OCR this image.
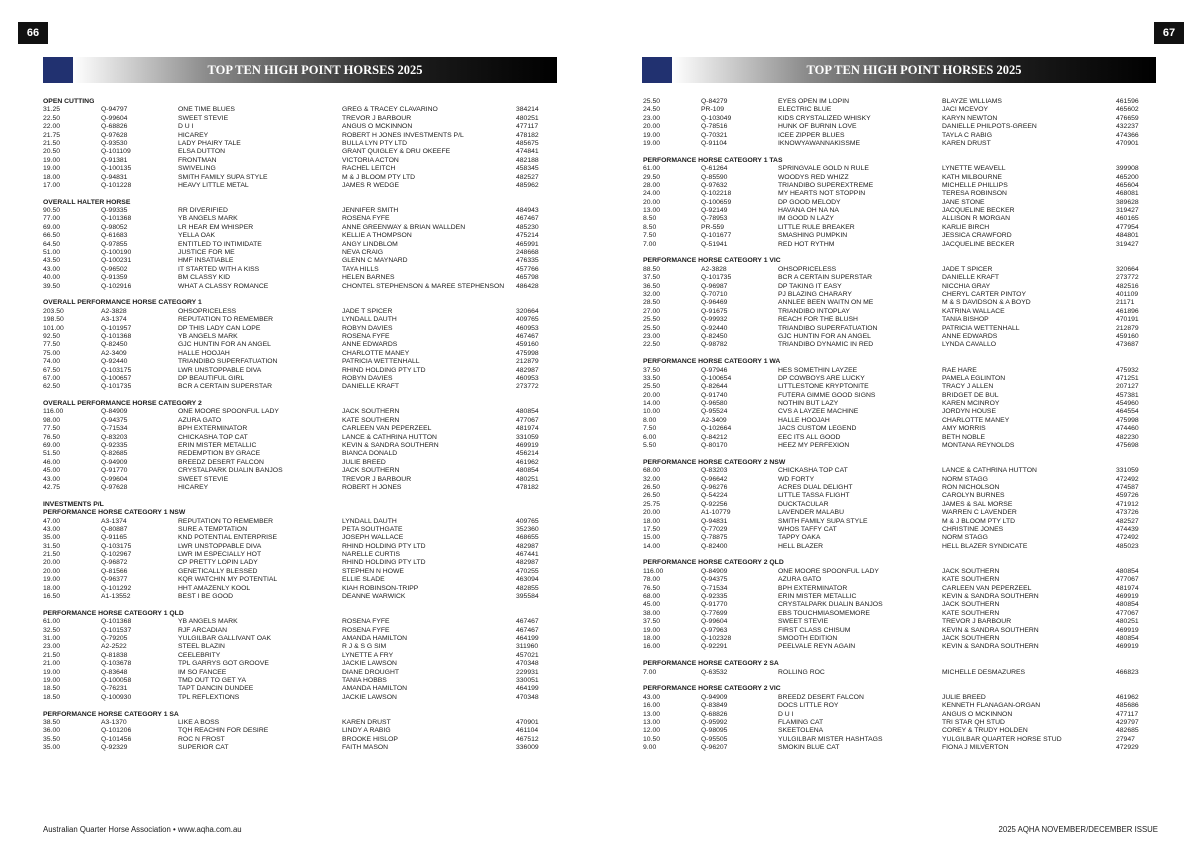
66	67
TOP TEN HIGH POINT HORSES 2025	TOP TEN HIGH POINT HORSES 2025
OPEN CUTTING
31.25	Q-94797	ONE TIME BLUES	GREG & TRACEY CLAVARINO	384214
22.50	Q-99604	SWEET STEVIE	TREVOR J BARBOUR	480251
22.00	Q-68826	D U I	ANGUS O MCKINNON	477117
21.75	Q-97628	HICAREY	ROBERT H JONES INVESTMENTS P/L	478182
21.50	Q-93530	LADY PHAIRY TALE	BULLA LYN PTY LTD	485675
20.50	Q-101109	ELSA DUTTON	GRANT QUIGLEY & DRU OKEEFE	474841
19.00	Q-91381	FRONTMAN	VICTORIA ACTON	482188
19.00	Q-100135	SWIVELING	RACHEL LEITCH	458345
18.00	Q-94831	SMITH FAMILY SUPA STYLE	M & J BLOOM PTY LTD	482527
17.00	Q-101228	HEAVY LITTLE METAL	JAMES R WEDGE	485962
OVERALL HALTER HORSE
90.50	Q-99335	RR DIVERIFIED	JENNIFER SMITH	484943
77.00	Q-101368	YB ANGELS MARK	ROSENA FYFE	467467
69.00	Q-98052	LR HEAR EM WHISPER	ANNE GREENWAY & BRIAN WALLDEN	485230
66.50	Q-61683	YELLA OAK	KELLIE A THOMPSON	475214
64.50	Q-97855	ENTITLED TO INTIMIDATE	ANGY LINDBLOM	465991
51.00	Q-100190	JUSTICE FOR ME	NEVA CRAIG	248668
43.50	Q-100231	HMF INSATIABLE	GLENN C MAYNARD	476335
43.00	Q-96502	IT STARTED WITH A KISS	TAYA HILLS	457766
40.00	Q-91359	BM CLASSY KID	HELEN BARNES	465798
39.50	Q-102916	WHAT A CLASSY ROMANCE	CHONTEL STEPHENSON & MAREE STEPHENSON	486428
OVERALL PERFORMANCE HORSE CATEGORY 1
203.50	A2-3828	OHSOPRICELESS	JADE T SPICER	320664
198.50	A3-1374	REPUTATION TO REMEMBER	LYNDALL DAUTH	409765
101.00	Q-101957	DP THIS LADY CAN LOPE	ROBYN DAVIES	460953
92.50	Q-101368	YB ANGELS MARK	ROSENA FYFE	467467
77.50	Q-82450	GJC HUNTIN FOR AN ANGEL	ANNE EDWARDS	459160
75.00	A2-3409	HALLE HOOJAH	CHARLOTTE MANEY	475998
74.00	Q-92440	TRIANDIBO SUPERFATUATION	PATRICIA WETTENHALL	212879
67.50	Q-103175	LWR UNSTOPPABLE DIVA	RHIND HOLDING PTY LTD	482987
67.00	Q-100657	DP BEAUTIFUL GIRL	ROBYN DAVIES	460953
62.50	Q-101735	BCR A CERTAIN SUPERSTAR	DANIELLE KRAFT	273772
OVERALL PERFORMANCE HORSE CATEGORY 2
116.00	Q-84909	ONE MOORE SPOONFUL LADY	JACK SOUTHERN	480854
98.00	Q-94375	AZURA GATO	KATE SOUTHERN	477067
77.50	Q-71534	BPH EXTERMINATOR	CARLEEN VAN PEPERZEEL	481974
76.50	Q-83203	CHICKASHA TOP CAT	LANCE & CATHRINA HUTTON	331059
69.00	Q-92335	ERIN MISTER METALLIC	KEVIN & SANDRA SOUTHERN	469919
51.50	Q-82685	REDEMPTION BY GRACE	BIANCA DONALD	456214
46.00	Q-94909	BREEDZ DESERT FALCON	JULIE BREED	461962
45.00	Q-91770	CRYSTALPARK DUALIN BANJOS	JACK SOUTHERN	480854
43.00	Q-99604	SWEET STEVIE	TREVOR J BARBOUR	480251
42.75	Q-97628	HICAREY	ROBERT H JONES	478182
INVESTMENTS P/L
PERFORMANCE HORSE CATEGORY 1 NSW
47.00	A3-1374	REPUTATION TO REMEMBER	LYNDALL DAUTH	409765
43.00	Q-80887	SURE A TEMPTATION	PETA SOUTHGATE	352360
35.00	Q-91165	KND POTENTIAL ENTERPRISE	JOSEPH WALLACE	468655
31.50	Q-103175	LWR UNSTOPPABLE DIVA	RHIND HOLDING PTY LTD	482987
21.50	Q-102967	LWR IM ESPECIALLY HOT	NARELLE CURTIS	467441
20.00	Q-96872	CP PRETTY LOPIN LADY	RHIND HOLDING PTY LTD	482987
20.00	Q-81566	GENETICALLY BLESSED	STEPHEN N HOWE	470255
19.00	Q-96377	KQR WATCHIN MY POTENTIAL	ELLIE SLADE	463094
18.00	Q-101292	HHT AMAZENLY KOOL	KIAH ROBINSON-TRIPP	482855
16.50	A1-13552	BEST I BE GOOD	DEANNE WARWICK	395584
PERFORMANCE HORSE CATEGORY 1 QLD
61.00	Q-101368	YB ANGELS MARK	ROSENA FYFE	467467
32.50	Q-101537	RJF ARCADIAN	ROSENA FYFE	467467
31.00	Q-79205	YULGILBAR GALLIVANT OAK	AMANDA HAMILTON	464199
23.00	A2-2522	STEEL BLAZIN	R J & S G SIM	311960
21.50	Q-81838	CEELEBRITY	LYNETTE A FRY	457021
21.00	Q-103678	TPL GARRYS GOT GROOVE	JACKIE LAWSON	470348
19.00	Q-83648	IM SO FANCEE	DIANE DROUGHT	229931
19.00	Q-100058	TMD OUT TO GET YA	TANIA HOBBS	330051
18.50	Q-76231	TAPT DANCIN DUNDEE	AMANDA HAMILTON	464199
18.50	Q-100930	TPL REFLEXTIONS	JACKIE LAWSON	470348
PERFORMANCE HORSE CATEGORY 1 SA
38.50	A3-1370	LIKE A BOSS	KAREN DRUST	470901
36.00	Q-101206	TQH REACHIN FOR DESIRE	LINDY A RABIG	461104
35.50	Q-101456	ROC N FROST	BROOKE HISLOP	467512
35.00	Q-92329	SUPERIOR CAT	FAITH MASON	336009
25.50	Q-84279	EYES OPEN IM LOPIN	BLAYZE WILLIAMS	461596
24.50	PR-109	ELECTRIC BLUE	JACI MCEVOY	465602
23.00	Q-103049	KIDS CRYSTALIZED WHISKY	KARYN NEWTON	476659
20.00	Q-78516	HUNK OF BURNIN LOVE	DANIELLE PHILPOTS-GREEN	432237
19.00	Q-70321	ICEE ZIPPER BLUES	TAYLA C RABIG	474366
19.00	Q-91104	IKNOWYAWANNAKISSME	KAREN DRUST	470901
PERFORMANCE HORSE CATEGORY 1 TAS
61.00	Q-61264	SPRINGVALE GOLD N RULE	LYNETTE WEAVELL	399908
29.50	Q-85590	WOODYS RED WHIZZ	KATH MILBOURNE	465200
28.00	Q-97632	TRIANDIBO SUPEREXTREME	MICHELLE PHILLIPS	465604
24.00	Q-102218	MY HEARTS NOT STOPPIN	TERESA ROBINSON	468081
20.00	Q-100659	DP GOOD MELODY	JANE STONE	389628
13.00	Q-92149	HAVANA OH NA NA	JACQUELINE BECKER	319427
8.50	Q-78953	IM GOOD N LAZY	ALLISON R MORGAN	460165
8.50	PR-559	LITTLE RULE BREAKER	KARLIE BIRCH	477954
7.50	Q-101677	SMASHING PUMPKIN	JESSICA CRAWFORD	484801
7.00	Q-51941	RED HOT RYTHM	JACQUELINE BECKER	319427
PERFORMANCE HORSE CATEGORY 1 VIC
88.50	A2-3828	OHSOPRICELESS	JADE T SPICER	320664
37.50	Q-101735	BCR A CERTAIN SUPERSTAR	DANIELLE KRAFT	273772
36.50	Q-96987	DP TAKING IT EASY	NICCHIA GRAY	482516
32.00	Q-70710	PJ BLAZING CHARARY	CHERYL CARTER PINTOY	401109
28.50	Q-96469	ANNLEE BEEN WAITN ON ME	M & S DAVIDSON & A BOYD	21171
27.00	Q-91675	TRIANDIBO INTOPLAY	KATRINA WALLACE	461896
25.50	Q-99932	REACH FOR THE BLUSH	TANIA BISHOP	470191
25.50	Q-92440	TRIANDIBO SUPERFATUATION	PATRICIA WETTENHALL	212879
23.00	Q-82450	GJC HUNTIN FOR AN ANGEL	ANNE EDWARDS	459160
22.50	Q-98782	TRIANDIBO DYNAMIC IN RED	LYNDA CAVALLO	473687
PERFORMANCE HORSE CATEGORY 1 WA
37.50	Q-97946	HES SOMETHIN LAYZEE	RAE HARE	475932
33.50	Q-100654	DP COWBOYS ARE LUCKY	PAMELA EGLINTON	471251
25.50	Q-82644	LITTLESTONE KRYPTONITE	TRACY J ALLEN	207127
20.00	Q-91740	FUTERA GIMME GOOD SIGNS	BRIDGET DE BUL	457381
14.00	Q-96580	NOTHIN BUT LAZY	KAREN MCINROY	454960
10.00	Q-95524	CVS A LAYZEE MACHINE	JORDYN HOUSE	464554
8.00	A2-3409	HALLE HOOJAH	CHARLOTTE MANEY	475998
7.50	Q-102664	JACS CUSTOM LEGEND	AMY MORRIS	474460
6.00	Q-84212	EEC ITS ALL GOOD	BETH NOBLE	482230
5.50	Q-80170	HEEZ MY PERFEXION	MONTANA REYNOLDS	475698
PERFORMANCE HORSE CATEGORY 2 NSW
68.00	Q-83203	CHICKASHA TOP CAT	LANCE & CATHRINA HUTTON	331059
32.00	Q-96642	WD FORTY	NORM STAGG	472492
26.50	Q-96276	ACRES DUAL DELIGHT	RON NICHOLSON	474587
26.50	Q-54224	LITTLE TASSA FLIGHT	CAROLYN BURNES	459726
25.75	Q-92256	DUCKTACULAR	JAMES & SAL MORSE	471912
20.00	A1-10779	LAVENDER MALABU	WARREN C LAVENDER	473726
18.00	Q-94831	SMITH FAMILY SUPA STYLE	M & J BLOOM PTY LTD	482527
17.50	Q-77029	WHOS TAFFY CAT	CHRISTINE JONES	474439
15.00	Q-78875	TAPPY OAKA	NORM STAGG	472492
14.00	Q-82400	HELL BLAZER	HELL BLAZER SYNDICATE	485023
PERFORMANCE HORSE CATEGORY 2 QLD
116.00	Q-84909	ONE MOORE SPOONFUL LADY	JACK SOUTHERN	480854
78.00	Q-94375	AZURA GATO	KATE SOUTHERN	477067
76.50	Q-71534	BPH EXTERMINATOR	CARLEEN VAN PEPERZEEL	481974
68.00	Q-92335	ERIN MISTER METALLIC	KEVIN & SANDRA SOUTHERN	469919
45.00	Q-91770	CRYSTALPARK DUALIN BANJOS	JACK SOUTHERN	480854
38.00	Q-77699	EBS TOUCHMIASOMEMORE	KATE SOUTHERN	477067
37.50	Q-99604	SWEET STEVIE	TREVOR J BARBOUR	480251
19.00	Q-97963	FIRST CLASS CHISUM	KEVIN & SANDRA SOUTHERN	469919
18.00	Q-102328	SMOOTH EDITION	JACK SOUTHERN	480854
16.00	Q-92291	PEELVALE REYN AGAIN	KEVIN & SANDRA SOUTHERN	469919
PERFORMANCE HORSE CATEGORY 2 SA
7.00	Q-63532	ROLLING ROC	MICHELLE DESMAZURES	466823
PERFORMANCE HORSE CATEGORY 2 VIC
43.00	Q-94909	BREEDZ DESERT FALCON	JULIE BREED	461962
16.00	Q-83849	DOCS LITTLE ROY	KENNETH FLANAGAN-ORGAN	485686
13.00	Q-68826	D U I	ANGUS O MCKINNON	477117
13.00	Q-95992	FLAMING CAT	TRI STAR QH STUD	429797
12.00	Q-98095	SKEETOLENA	COREY & TRUDY HOLDEN	482685
10.50	Q-95505	YULGILBAR MISTER HASHTAGS	YULGILBAR QUARTER HORSE STUD	27947
9.00	Q-96207	SMOKIN BLUE CAT	FIONA J MILVERTON	472929
Australian Quarter Horse Association • www.aqha.com.au	2025 AQHA NOVEMBER/DECEMBER ISSUE
